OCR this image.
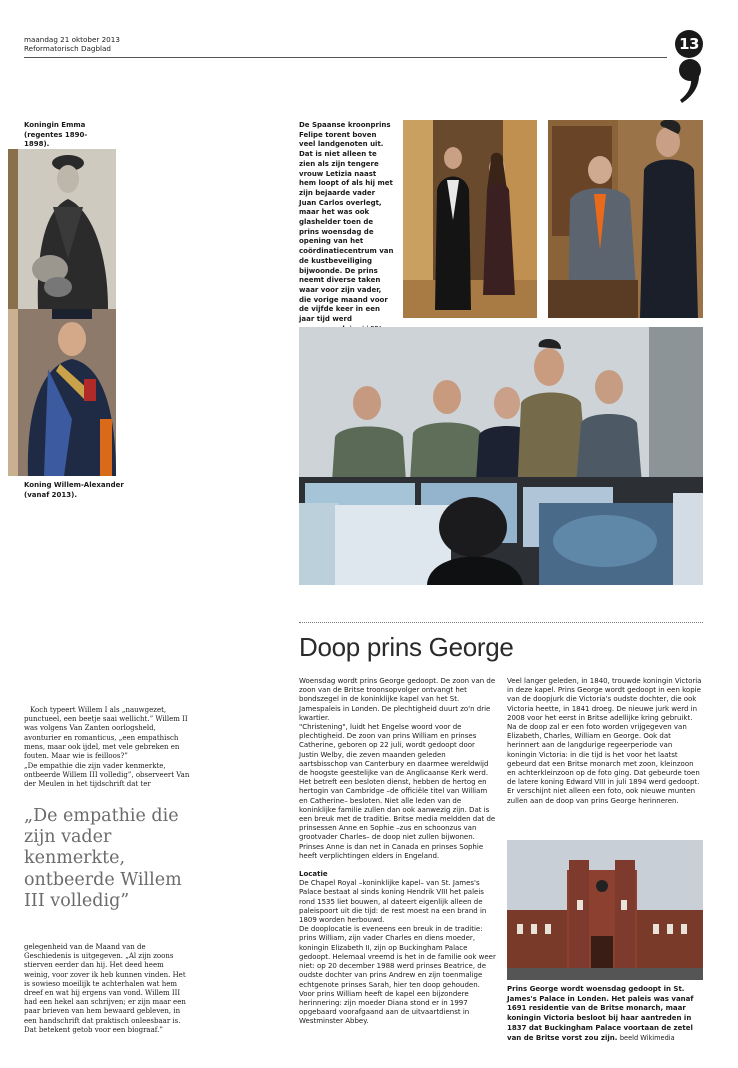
maandag 21 oktober 2013
Reformatorisch Dagblad	13
Koningin Emma (regentes 1890-1898).
Koning Willem-Alexander (vanaf 2013).
De Spaanse kroonprins Felipe torent boven veel landgenoten uit. Dat is niet alleen te zien als zijn tengere vrouw Letizia naast hem loopt of als hij met zijn bejaarde vader Juan Carlos overlegt, maar het was ook glashelder toen de prins woensdag de opening van het coördinatiecentrum van de kustbeveiliging bijwoonde. De prins neemt diverse taken waar voor zijn vader, die vorige maand voor de vijfde keer in een jaar tijd werd
Koch typeert Willem I als „nauwgezet, punctueel, een beetje saai wellicht.” Willem II was volgens Van Zanten oorlogsheld, avonturier en romanticus, „een empathisch mens, maar ook ijdel, met vele gebreken en fouten. Maar wie is feilloos?”
„De empathie die zijn vader kenmerkte, ontbeerde Willem III volledig”, observeert Van der Meulen in het tijdschrift dat ter
„De empathie die zijn vader kenmerkte, ontbeerde Willem III volledig”
gelegenheid van de Maand van de Geschiedenis is uitgegeven. „Al zijn zoons stierven eerder dan hij. Het deed heem weinig, voor zover ik heb kunnen vinden. Het is sowieso moeilijk te achterhalen wat hem dreef en wat hij ergens van vond. Willem III had een hekel aan schrijven; er zijn maar een paar brieven van hem bewaard gebleven, in een handschrift dat praktisch onleesbaar is. Dat betekent getob voor een biograaf.”
Doop prins George

Woensdag wordt prins George gedoopt. De zoon van de zoon van de Britse troonsopvolger ontvangt het bondszegel in de koninklijke kapel van het St. Jamespaleis in Londen. De plechtigheid duurt zo'n drie kwartier.

"Christening", luidt het Engelse woord voor de plechtigheid. De zoon van prins William en prinses Catherine, geboren op 22 juli, wordt gedoopt door Justin Welby, die zeven maanden geleden aartsbisschop van Canterbury en daarmee wereldwijd de hoogste geestelijke van de Anglicaanse Kerk werd.

Het betreft een besloten dienst, hebben de hertog en hertogin van Cambridge –de officiële titel van William en Catherine– besloten. Niet alle leden van de koninklijke familie zullen dan ook aanwezig zijn. Dat is een breuk met de traditie. Britse media meldden dat de prinsessen Anne en Sophie –zus en schoonzus van grootvader Charles– de doop niet zullen bijwonen. Prinses Anne is dan net in Canada en prinses Sophie heeft verplichtingen elders in Engeland.

Locatie

De Chapel Royal –koninklijke kapel– van St. James's Palace bestaat al sinds koning Hendrik VIII het paleis rond 1535 liet bouwen, al dateert eigenlijk alleen de paleispoort uit die tijd: de rest moest na een brand in 1809 worden herbouwd.

De dooplocatie is eveneens een breuk in de traditie: prins William, zijn vader Charles en diens moeder, koningin Elizabeth II, zijn op Buckingham Palace gedoopt. Helemaal vreemd is het in de familie ook weer niet: op 20 december 1988 werd prinses Beatrice, de oudste dochter van prins Andrew en zijn toenmalige echtgenote prinses Sarah, hier ten doop gehouden.

Voor prins William heeft de kapel een bijzondere herinnering: zijn moeder Diana stond er in 1997 opgebaard voorafgaand aan de uitvaartdienst in Westminster Abbey.

Veel langer geleden, in 1840, trouwde koningin Victoria in deze kapel. Prins George wordt gedoopt in een kopie van de doopjurk die Victoria's oudste dochter, die ook Victoria heette, in 1841 droeg. De nieuwe jurk werd in 2008 voor het eerst in Britse adellijke kring gebruikt.

Na de doop zal er een foto worden vrijgegeven van Elizabeth, Charles, William en George. Ook dat herinnert aan de langdurige regeerperiode van koningin Victoria: in die tijd is het voor het laatst gebeurd dat een Britse monarch met zoon, kleinzoon en achterkleinzoon op de foto ging. Dat gebeurde toen de latere koning Edward VIII in juli 1894 werd gedoopt. Er verschijnt niet alleen een foto, ook nieuwe munten zullen aan de doop van prins George herinneren.

Prins George wordt woensdag gedoopt in St. James's Palace in Londen. Het paleis was vanaf 1691 residentie van de Britse monarch, maar koningin Victoria besloot bij haar aantreden in 1837 dat Buckingham Palace voortaan de zetel van de Britse vorst zou zijn. beeld Wikimedia
